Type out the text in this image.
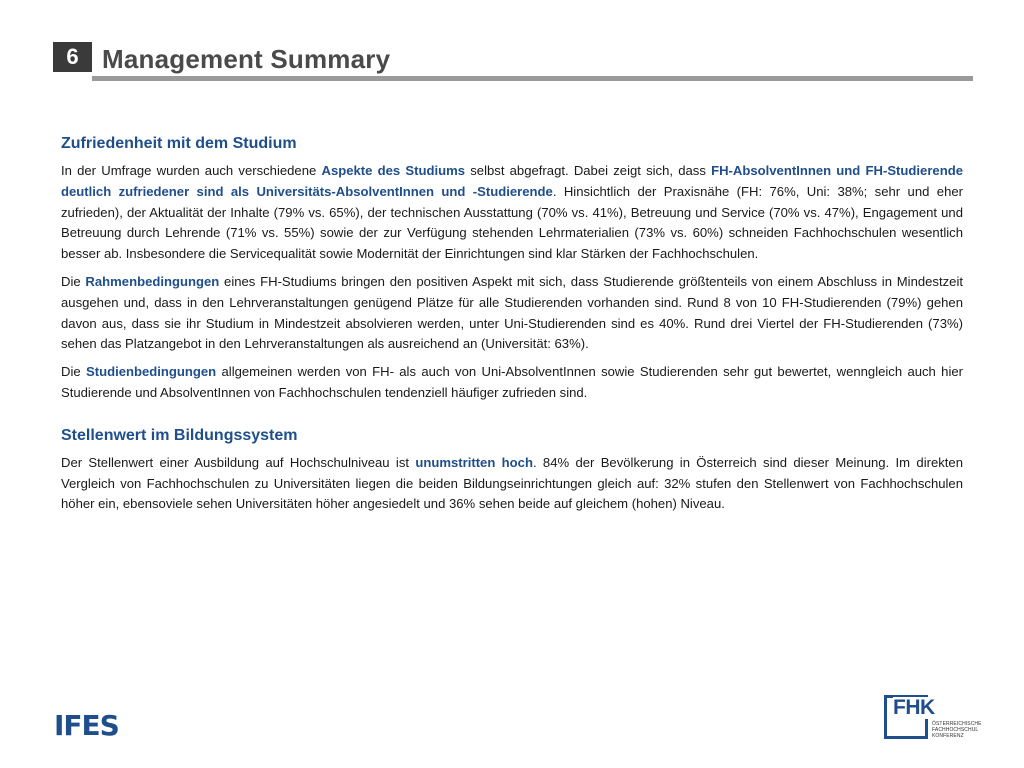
6 Management Summary
Zufriedenheit mit dem Studium

In der Umfrage wurden auch verschiedene Aspekte des Studiums selbst abgefragt. Dabei zeigt sich, dass FH-AbsolventInnen und FH-Studierende deutlich zufriedener sind als Universitäts-AbsolventInnen und -Studierende. Hinsichtlich der Praxisnähe (FH: 76%, Uni: 38%; sehr und eher zufrieden), der Aktualität der Inhalte (79% vs. 65%), der technischen Ausstattung (70% vs. 41%), Betreuung und Service (70% vs. 47%), Engagement und Betreuung durch Lehrende (71% vs. 55%) sowie der zur Verfügung stehenden Lehrmaterialien (73% vs. 60%) schneiden Fachhochschulen wesentlich besser ab. Insbesondere die Servicequalität sowie Modernität der Einrichtungen sind klar Stärken der Fachhochschulen.

Die Rahmenbedingungen eines FH-Studiums bringen den positiven Aspekt mit sich, dass Studierende größtenteils von einem Abschluss in Mindestzeit ausgehen und, dass in den Lehrveranstaltungen genügend Plätze für alle Studierenden vorhanden sind. Rund 8 von 10 FH-Studierenden (79%) gehen davon aus, dass sie ihr Studium in Mindestzeit absolvieren werden, unter Uni-Studierenden sind es 40%. Rund drei Viertel der FH-Studierenden (73%) sehen das Platzangebot in den Lehrveranstaltungen als ausreichend an (Universität: 63%).

Die Studienbedingungen allgemeinen werden von FH- als auch von Uni-AbsolventInnen sowie Studierenden sehr gut bewertet, wenngleich auch hier Studierende und AbsolventInnen von Fachhochschulen tendenziell häufiger zufrieden sind.

Stellenwert im Bildungssystem

Der Stellenwert einer Ausbildung auf Hochschulniveau ist unumstritten hoch. 84% der Bevölkerung in Österreich sind dieser Meinung. Im direkten Vergleich von Fachhochschulen zu Universitäten liegen die beiden Bildungseinrichtungen gleich auf: 32% stufen den Stellenwert von Fachhochschulen höher ein, ebensoviele sehen Universitäten höher angesiedelt und 36% sehen beide auf gleichem (hohen) Niveau.

IFES
FHK
ÖSTERREICHISCHE
FACHHOCHSCHUL
KONFERENZ
